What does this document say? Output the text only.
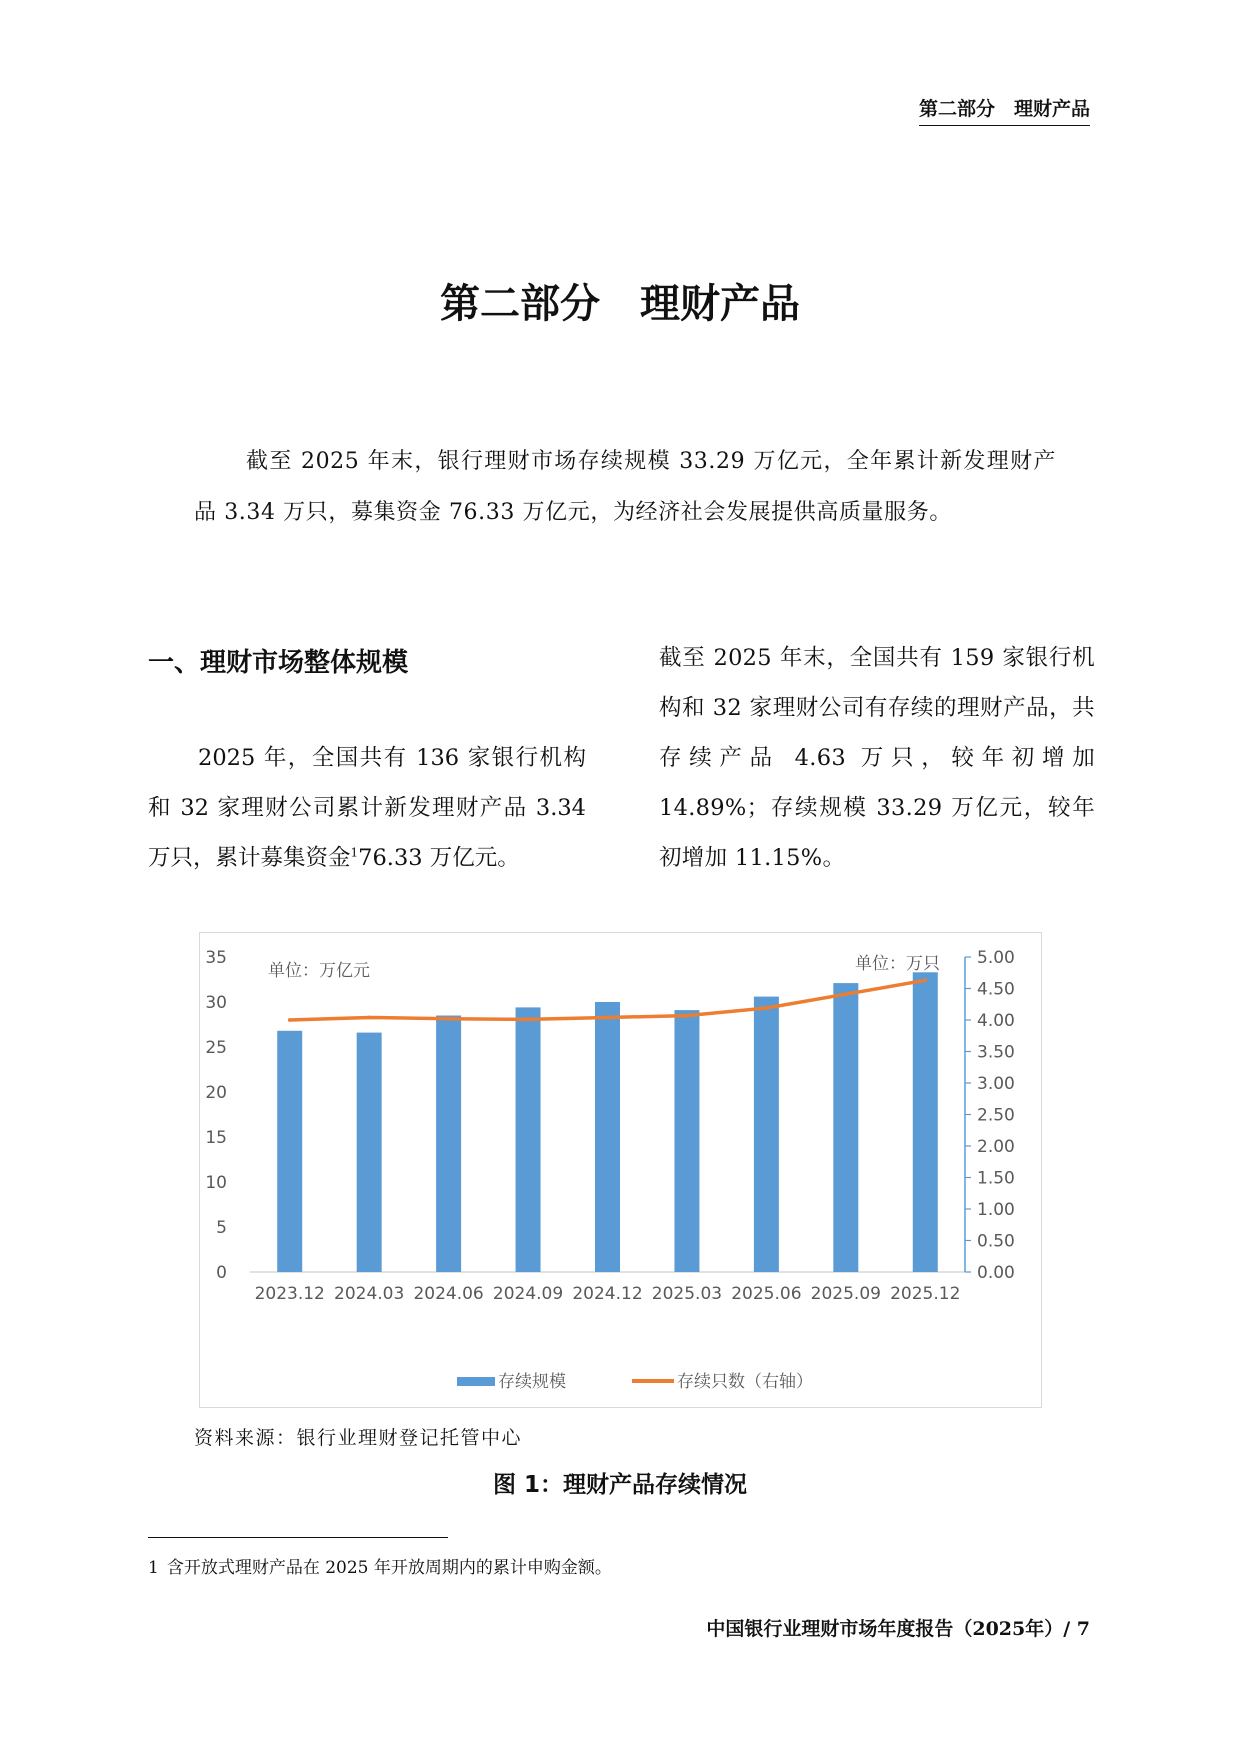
第二部分　理财产品
第二部分　理财产品

截至 2025 年末，银行理财市场存续规模 33.29 万亿元，全年累计新发理财产品 3.34 万只，募集资金 76.33 万亿元，为经济社会发展提供高质量服务。

一、理财市场整体规模

2025 年，全国共有 136 家银行机构和 32 家理财公司累计新发理财产品 3.34 万只，累计募集资金$^1$76.33 万亿元。

截至 2025 年末，全国共有 159 家银行机构和 32 家理财公司有存续的理财产品，共存续产品 4.63 万只，较年初增加 14.89%；存续规模 33.29 万亿元，较年初增加 11.15%。

0
5
10
15
20
25
30
35
0.00
0.50
1.00
1.50
2.00
2.50
3.00
3.50
4.00
4.50
5.00
2023.12 2024.03 2024.06 2024.09 2024.12 2025.03 2025.06 2025.09 2025.12
单位：万亿元	单位：万只
存续规模	存续只数（右轴）
资料来源：银行业理财登记托管中心
图 1：理财产品存续情况
1 含开放式理财产品在 2025 年开放周期内的累计申购金额。
中国银行业理财市场年度报告（2025年）/ 7
